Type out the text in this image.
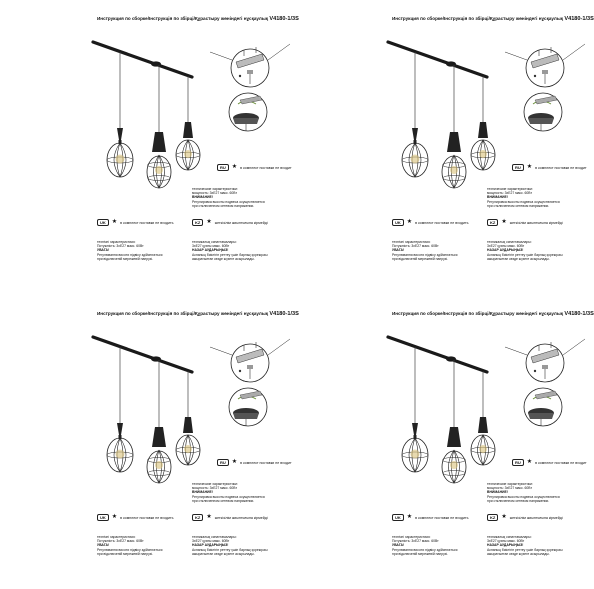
Инструкция по сборке/Інструкція по збірці/Құрастыру жөніндегі нұсқаулық V4180-1/3S
RU	★ в комплект поставки не входит
технические характеристики:
мощность: 3xE27 макс. 60Вт
ВНИМАНИЕ!
Регулировка высоты подвеса осуществляется
при отключенном сетевом напряжении.
UK	★ в комплект поставки не входить	KZ	★ жеткізілім жиынтығына кірмейді
технічні характеристики:
Потужність: 3xE27 макс. 60Вт
УВАГА!
Регулювання висоти підвісу здійснюється
при відключеній мережевій напрузі.
техникалық сипаттамалары:
3xE27 қуаты макс. 60Вт
НАЗАР АУДАРЫҢЫЗ!
Аспаның биіктігін реттеу үшін барлық қорекқозы
ажыратылған кезде жүзеге асырылады.
Инструкция по сборке/Інструкція по збірці/Құрастыру жөніндегі нұсқаулық V4180-1/3S
RU	★ в комплект поставки не входит
технические характеристики:
мощность: 3xE27 макс. 60Вт
ВНИМАНИЕ!
Регулировка высоты подвеса осуществляется
при отключенном сетевом напряжении.
UK	★ в комплект поставки не входить	KZ	★ жеткізілім жиынтығына кірмейді
технічні характеристики:
Потужність: 3xE27 макс. 60Вт
УВАГА!
Регулювання висоти підвісу здійснюється
при відключеній мережевій напрузі.
техникалық сипаттамалары:
3xE27 қуаты макс. 60Вт
НАЗАР АУДАРЫҢЫЗ!
Аспаның биіктігін реттеу үшін барлық қорекқозы
ажыратылған кезде жүзеге асырылады.
Инструкция по сборке/Інструкція по збірці/Құрастыру жөніндегі нұсқаулық V4180-1/3S
RU	★ в комплект поставки не входит
технические характеристики:
мощность: 3xE27 макс. 60Вт
ВНИМАНИЕ!
Регулировка высоты подвеса осуществляется
при отключенном сетевом напряжении.
UK	★ в комплект поставки не входить	KZ	★ жеткізілім жиынтығына кірмейді
технічні характеристики:
Потужність: 3xE27 макс. 60Вт
УВАГА!
Регулювання висоти підвісу здійснюється
при відключеній мережевій напрузі.
техникалық сипаттамалары:
3xE27 қуаты макс. 60Вт
НАЗАР АУДАРЫҢЫЗ!
Аспаның биіктігін реттеу үшін барлық қорекқозы
ажыратылған кезде жүзеге асырылады.
Инструкция по сборке/Інструкція по збірці/Құрастыру жөніндегі нұсқаулық V4180-1/3S
RU	★ в комплект поставки не входит
технические характеристики:
мощность: 3xE27 макс. 60Вт
ВНИМАНИЕ!
Регулировка высоты подвеса осуществляется
при отключенном сетевом напряжении.
UK	★ в комплект поставки не входить	KZ	★ жеткізілім жиынтығына кірмейді
технічні характеристики:
Потужність: 3xE27 макс. 60Вт
УВАГА!
Регулювання висоти підвісу здійснюється
при відключеній мережевій напрузі.
техникалық сипаттамалары:
3xE27 қуаты макс. 60Вт
НАЗАР АУДАРЫҢЫЗ!
Аспаның биіктігін реттеу үшін барлық қорекқозы
ажыратылған кезде жүзеге асырылады.
